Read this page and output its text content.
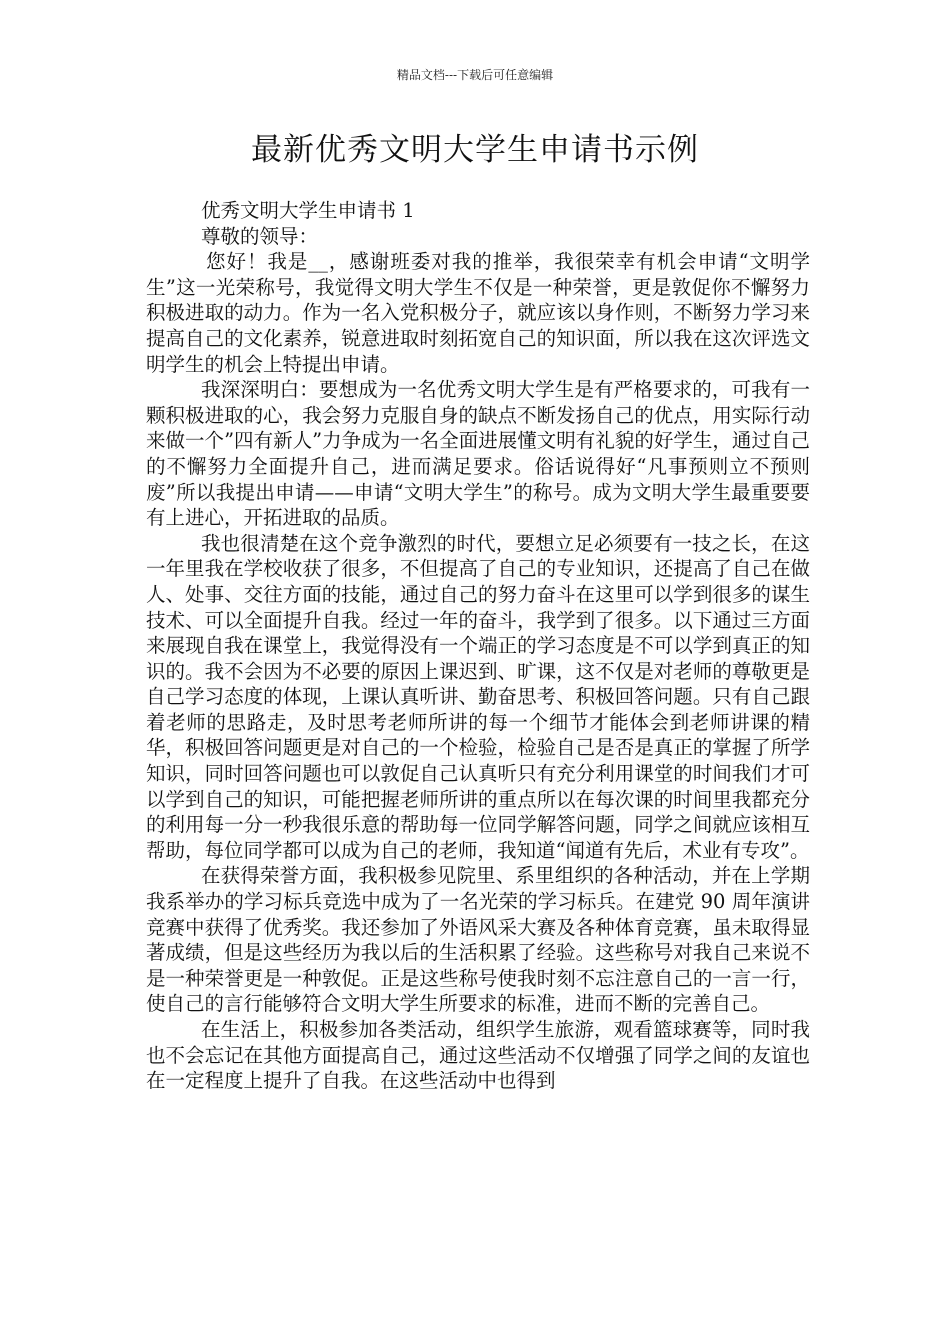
精品文档---下载后可任意编辑
最新优秀文明大学生申请书示例
优秀文明大学生申请书 1
尊敬的领导：

您好！我是__，感谢班委对我的推举，我很荣幸有机会申请“文明学生”这一光荣称号，我觉得文明大学生不仅是一种荣誉，更是敦促你不懈努力积极进取的动力。作为一名入党积极分子，就应该以身作则，不断努力学习来提高自己的文化素养，锐意进取时刻拓宽自己的知识面，所以我在这次评选文明学生的机会上特提出申请。

我深深明白：要想成为一名优秀文明大学生是有严格要求的，可我有一颗积极进取的心，我会努力克服自身的缺点不断发扬自己的优点，用实际行动来做一个”四有新人”力争成为一名全面进展懂文明有礼貌的好学生，通过自己的不懈努力全面提升自己，进而满足要求。俗话说得好“凡事预则立不预则废”所以我提出申请——申请“文明大学生”的称号。成为文明大学生最重要要有上进心，开拓进取的品质。

我也很清楚在这个竞争激烈的时代，要想立足必须要有一技之长，在这一年里我在学校收获了很多，不但提高了自己的专业知识，还提高了自己在做人、处事、交往方面的技能，通过自己的努力奋斗在这里可以学到很多的谋生技术、可以全面提升自我。经过一年的奋斗，我学到了很多。以下通过三方面来展现自我在课堂上，我觉得没有一个端正的学习态度是不可以学到真正的知识的。我不会因为不必要的原因上课迟到、旷课，这不仅是对老师的尊敬更是自己学习态度的体现，上课认真听讲、勤奋思考、积极回答问题。只有自己跟着老师的思路走，及时思考老师所讲的每一个细节才能体会到老师讲课的精华，积极回答问题更是对自己的一个检验，检验自己是否是真正的掌握了所学知识，同时回答问题也可以敦促自己认真听只有充分利用课堂的时间我们才可以学到自己的知识，可能把握老师所讲的重点所以在每次课的时间里我都充分的利用每一分一秒我很乐意的帮助每一位同学解答问题，同学之间就应该相互帮助，每位同学都可以成为自己的老师，我知道“闻道有先后，术业有专攻”。

在获得荣誉方面，我积极参见院里、系里组织的各种活动，并在上学期我系举办的学习标兵竞选中成为了一名光荣的学习标兵。在建党 90 周年演讲竞赛中获得了优秀奖。我还参加了外语风采大赛及各种体育竞赛，虽未取得显著成绩，但是这些经历为我以后的生活积累了经验。这些称号对我自己来说不是一种荣誉更是一种敦促。正是这些称号使我时刻不忘注意自己的一言一行，使自己的言行能够符合文明大学生所要求的标准，进而不断的完善自己。

在生活上，积极参加各类活动，组织学生旅游，观看篮球赛等，同时我也不会忘记在其他方面提高自己，通过这些活动不仅增强了同学之间的友谊也在一定程度上提升了自我。在这些活动中也得到
